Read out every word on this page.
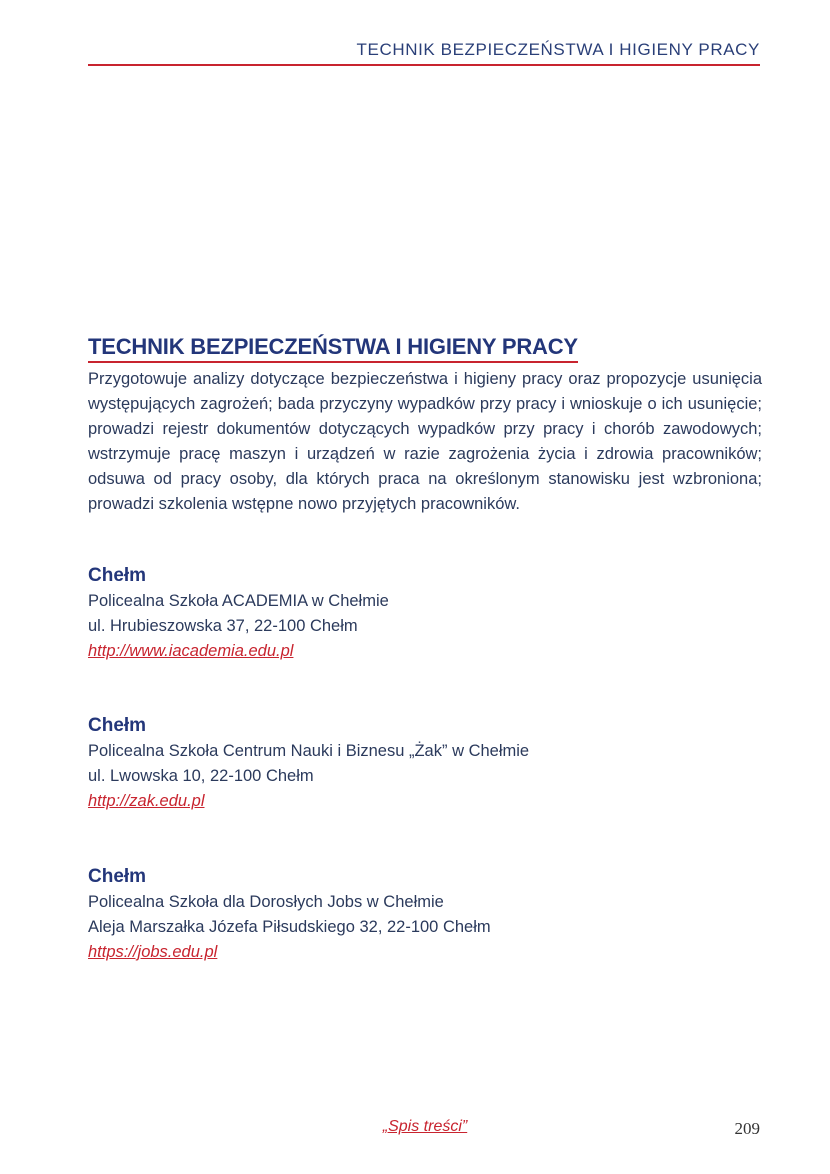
TECHNIK BEZPIECZEŃSTWA I HIGIENY PRACY
TECHNIK BEZPIECZEŃSTWA I HIGIENY PRACY

Przygotowuje analizy dotyczące bezpieczeństwa i higieny pracy oraz propozycje usunięcia występujących zagrożeń; bada przyczyny wypadków przy pracy i wnioskuje o ich usunięcie; prowadzi rejestr dokumentów dotyczących wypadków przy pracy i chorób zawodowych; wstrzymuje pracę maszyn i urządzeń w razie zagrożenia życia i zdrowia pracowników; odsuwa od pracy osoby, dla których praca na określonym stanowisku jest wzbroniona; prowadzi szkolenia wstępne nowo przyjętych pracowników.

Chełm
Policealna Szkoła ACADEMIA w Chełmie
ul. Hrubieszowska 37, 22-100 Chełm
http://www.iacademia.edu.pl
Chełm
Policealna Szkoła Centrum Nauki i Biznesu „Żak” w Chełmie
ul. Lwowska 10, 22-100 Chełm
http://zak.edu.pl
Chełm
Policealna Szkoła dla Dorosłych Jobs w Chełmie
Aleja Marszałka Józefa Piłsudskiego 32, 22-100 Chełm
https://jobs.edu.pl
„Spis treści”	209
